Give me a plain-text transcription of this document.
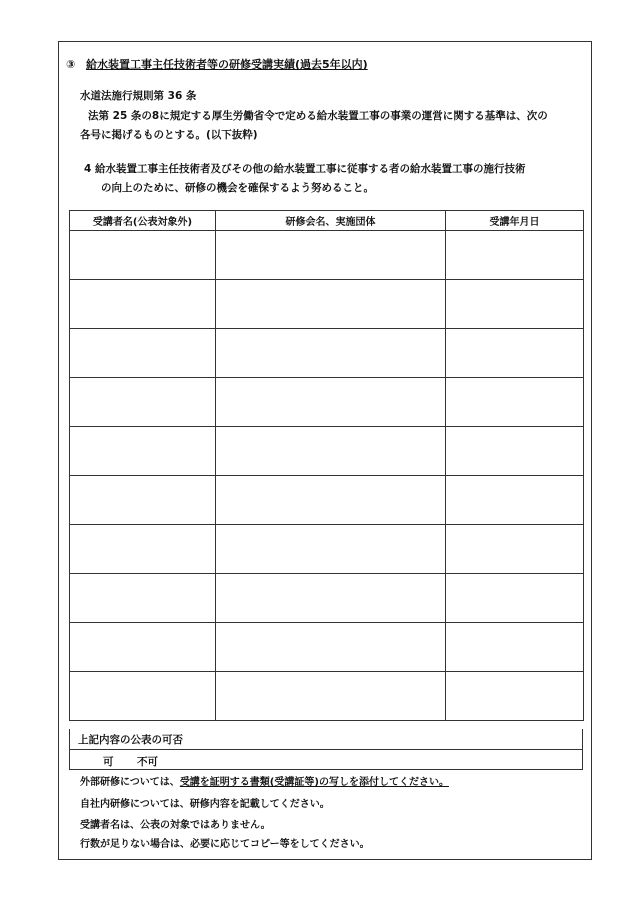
③ 給水装置工事主任技術者等の研修受講実績(過去5年以内)
水道法施行規則第 36 条
法第 25 条の8に規定する厚生労働省令で定める給水装置工事の事業の運営に関する基準は、次の
各号に掲げるものとする。(以下抜粋)
4 給水装置工事主任技術者及びその他の給水装置工事に従事する者の給水装置工事の施行技術
の向上のために、研修の機会を確保するよう努めること。
受講者名(公表対象外)	研修会名、実施団体	受講年月日

上記内容の公表の可否
可 不可
外部研修については、受講を証明する書類(受講証等)の写しを添付してください。
自社内研修については、研修内容を記載してください。
受講者名は、公表の対象ではありません。
行数が足りない場合は、必要に応じてコピー等をしてください。
